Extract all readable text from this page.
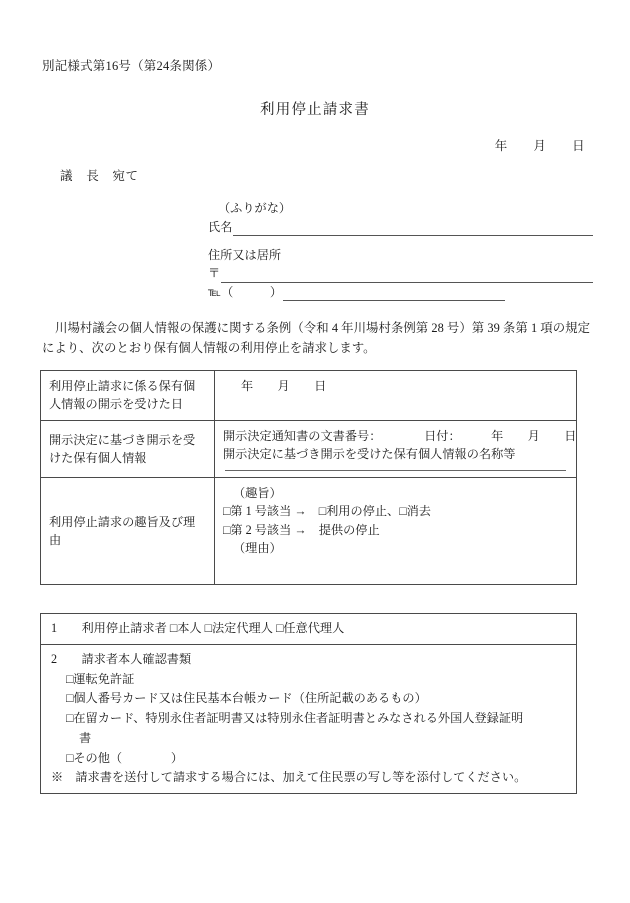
別記様式第16号（第24条関係）
利用停止請求書
年　　月　　日
議　長　宛て
（ふりがな）
氏名
住所又は居所
〒
℡ （　　　）
川場村議会の個人情報の保護に関する条例（令和 4 年川場村条例第 28 号）第 39 条第 1 項の規定により、次のとおり保有個人情報の利用停止を請求します。
利用停止請求に係る保有個人情報の開示を受けた日	年　　月　　日

開示決定に基づき開示を受けた保有個人情報	開示決定通知書の文書番号：　　　　日付：　　　年　　月　　日
開示決定に基づき開示を受けた保有個人情報の名称等

利用停止請求の趣旨及び理由	（趣旨）
□第 1 号該当 →　□利用の停止、□消去
□第 2 号該当 →　提供の停止
（理由）
1　　利用停止請求者 □本人 □法定代理人 □任意代理人

2　　請求者本人確認書類
□運転免許証
□個人番号カード又は住民基本台帳カード（住所記載のあるもの）
□在留カード、特別永住者証明書又は特別永住者証明書とみなされる外国人登録証明
書
□その他（　　　　）
※　請求書を送付して請求する場合には、加えて住民票の写し等を添付してください。
